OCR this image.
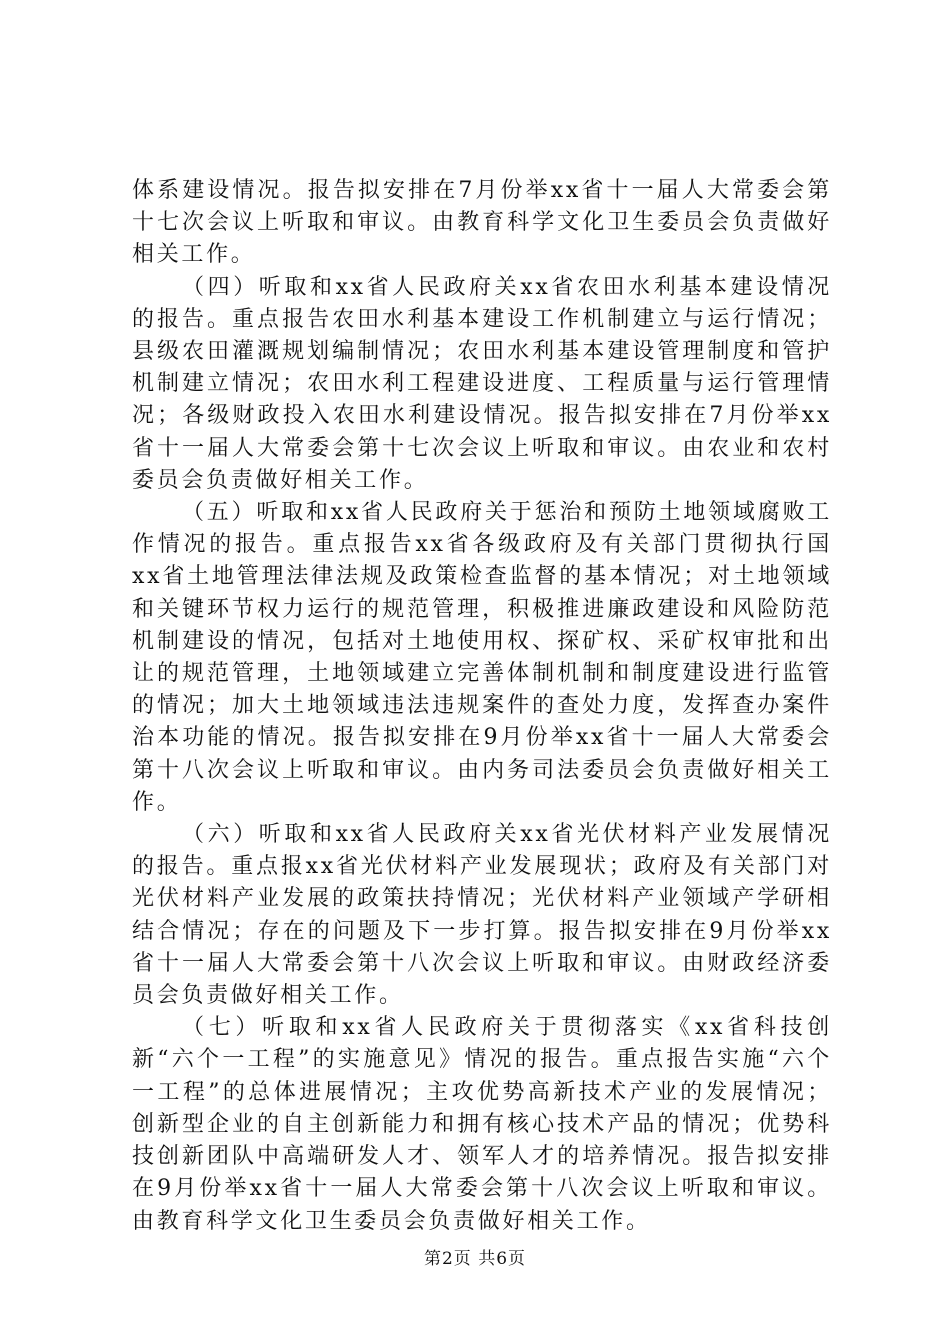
体系建设情况。报告拟安排在7月份举xx省十一届人大常委会第十七次会议上听取和审议。由教育科学文化卫生委员会负责做好相关工作。

（四）听取和xx省人民政府关xx省农田水利基本建设情况的报告。重点报告农田水利基本建设工作机制建立与运行情况；县级农田灌溉规划编制情况；农田水利基本建设管理制度和管护机制建立情况；农田水利工程建设进度、工程质量与运行管理情况；各级财政投入农田水利建设情况。报告拟安排在7月份举xx省十一届人大常委会第十七次会议上听取和审议。由农业和农村委员会负责做好相关工作。

（五）听取和xx省人民政府关于惩治和预防土地领域腐败工作情况的报告。重点报告xx省各级政府及有关部门贯彻执行国xx省土地管理法律法规及政策检查监督的基本情况；对土地领域和关键环节权力运行的规范管理，积极推进廉政建设和风险防范机制建设的情况，包括对土地使用权、探矿权、采矿权审批和出让的规范管理，土地领域建立完善体制机制和制度建设进行监管的情况；加大土地领域违法违规案件的查处力度，发挥查办案件治本功能的情况。报告拟安排在9月份举xx省十一届人大常委会第十八次会议上听取和审议。由内务司法委员会负责做好相关工作。

（六）听取和xx省人民政府关xx省光伏材料产业发展情况的报告。重点报xx省光伏材料产业发展现状；政府及有关部门对光伏材料产业发展的政策扶持情况；光伏材料产业领域产学研相结合情况；存在的问题及下一步打算。报告拟安排在9月份举xx省十一届人大常委会第十八次会议上听取和审议。由财政经济委员会负责做好相关工作。

（七）听取和xx省人民政府关于贯彻落实《xx省科技创新“六个一工程”的实施意见》情况的报告。重点报告实施“六个一工程”的总体进展情况；主攻优势高新技术产业的发展情况；创新型企业的自主创新能力和拥有核心技术产品的情况；优势科技创新团队中高端研发人才、领军人才的培养情况。报告拟安排在9月份举xx省十一届人大常委会第十八次会议上听取和审议。由教育科学文化卫生委员会负责做好相关工作。

第2页 共6页
